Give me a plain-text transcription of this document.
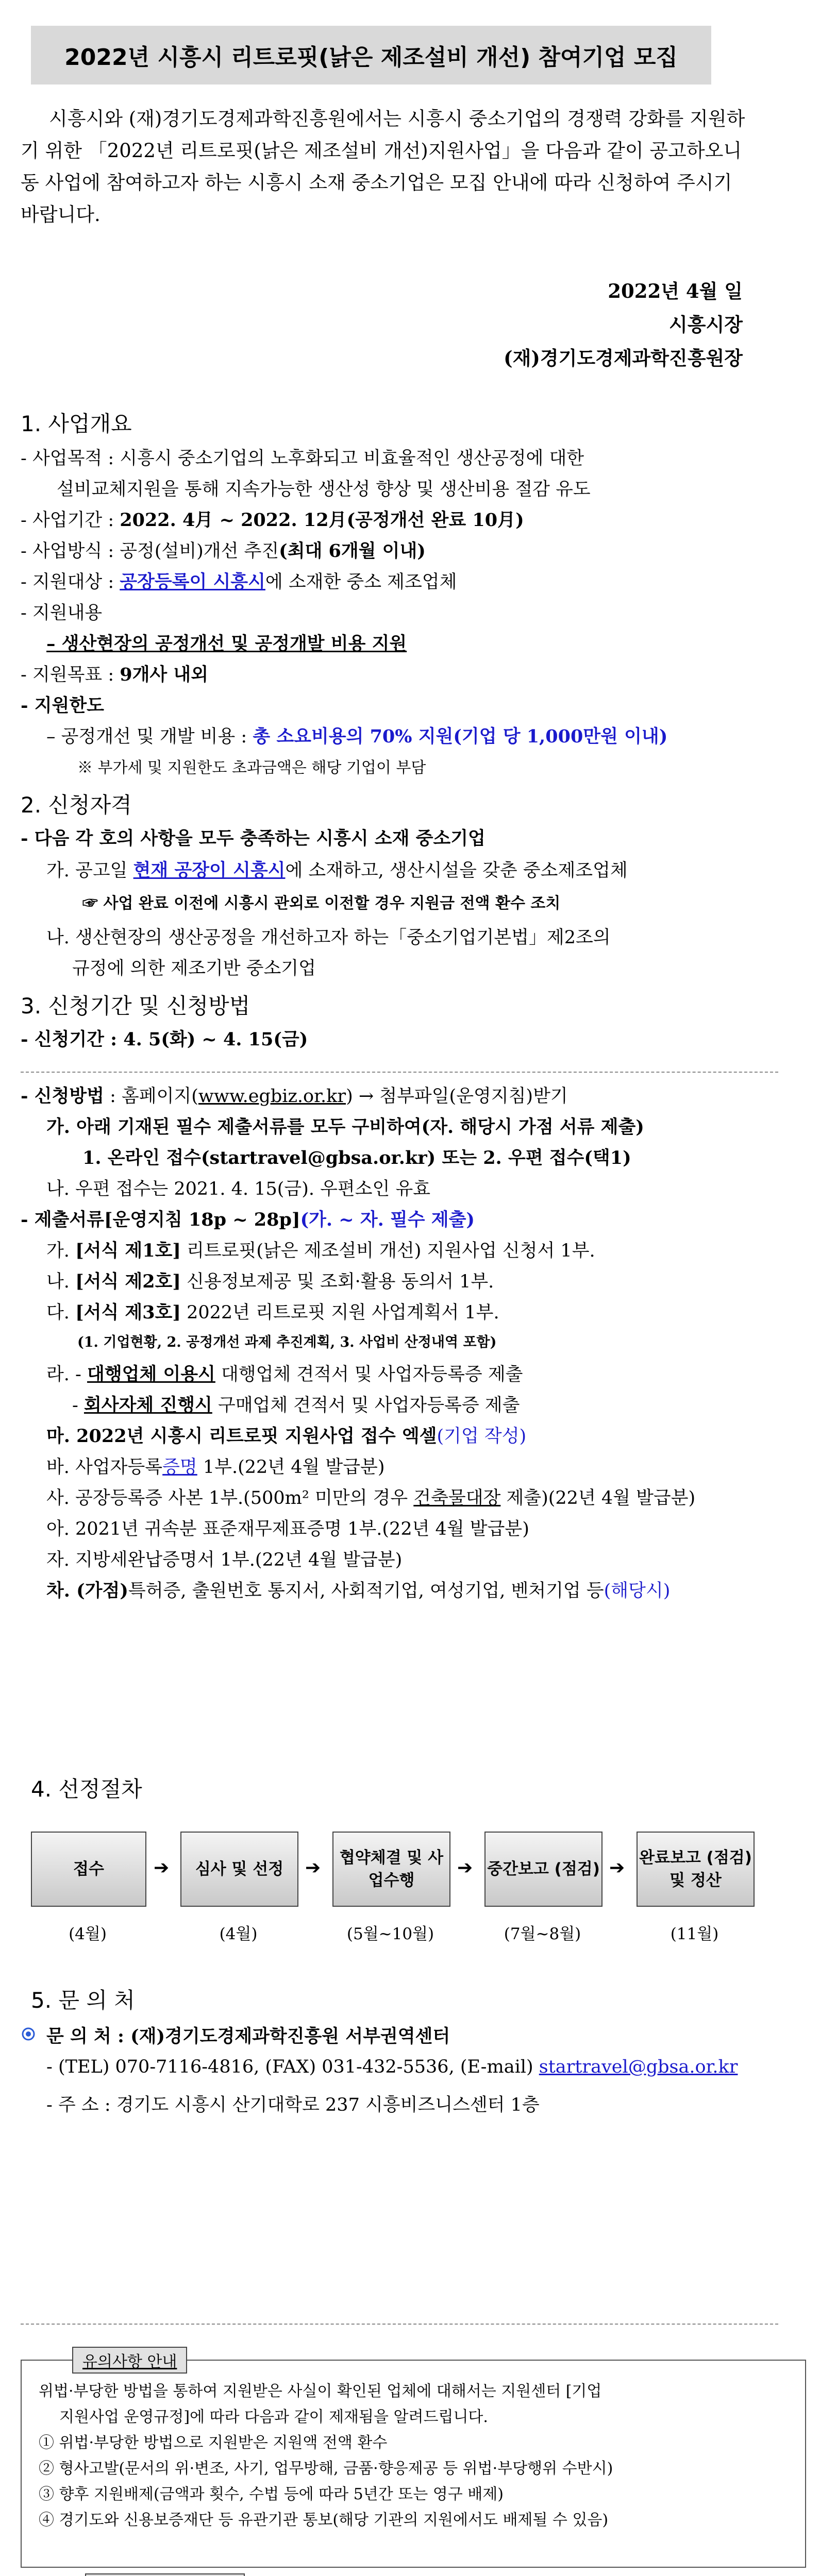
2022년 시흥시 리트로핏(낡은 제조설비 개선) 참여기업 모집
시흥시와 (재)경기도경제과학진흥원에서는 시흥시 중소기업의 경쟁력 강화를 지원하기 위한 「2022년 리트로핏(낡은 제조설비 개선)지원사업」을 다음과 같이 공고하오니 동 사업에 참여하고자 하는 시흥시 소재 중소기업은 모집 안내에 따라 신청하여 주시기 바랍니다.
2022년 4월 일
시흥시장
(재)경기도경제과학진흥원장
1. 사업개요
- 사업목적 : 시흥시 중소기업의 노후화되고 비효율적인 생산공정에 대한
설비교체지원을 통해 지속가능한 생산성 향상 및 생산비용 절감 유도
- 사업기간 : 2022. 4月 ~ 2022. 12月(공정개선 완료 10月)
- 사업방식 : 공정(설비)개선 추진(최대 6개월 이내)
- 지원대상 : 공장등록이 시흥시에 소재한 중소 제조업체
- 지원내용
– 생산현장의 공정개선 및 공정개발 비용 지원
- 지원목표 : 9개사 내외
- 지원한도
– 공정개선 및 개발 비용 : 총 소요비용의 70% 지원(기업 당 1,000만원 이내)
※ 부가세 및 지원한도 초과금액은 해당 기업이 부담
2. 신청자격
- 다음 각 호의 사항을 모두 충족하는 시흥시 소재 중소기업
가. 공고일 현재 공장이 시흥시에 소재하고, 생산시설을 갖춘 중소제조업체
☞ 사업 완료 이전에 시흥시 관외로 이전할 경우 지원금 전액 환수 조치
나. 생산현장의 생산공정을 개선하고자 하는「중소기업기본법」제2조의
규정에 의한 제조기반 중소기업
3. 신청기간 및 신청방법
- 신청기간 : 4. 5(화) ~ 4. 15(금)
- 신청방법 : 홈페이지(www.egbiz.or.kr) → 첨부파일(운영지침)받기
가. 아래 기재된 필수 제출서류를 모두 구비하여(자. 해당시 가점 서류 제출)
1. 온라인 접수(startravel@gbsa.or.kr) 또는 2. 우편 접수(택1)
나. 우편 접수는 2021. 4. 15(금). 우편소인 유효
- 제출서류[운영지침 18p ~ 28p](가. ~ 자. 필수 제출)
가. [서식 제1호] 리트로핏(낡은 제조설비 개선) 지원사업 신청서 1부.
나. [서식 제2호] 신용정보제공 및 조회·활용 동의서 1부.
다. [서식 제3호] 2022년 리트로핏 지원 사업계획서 1부.
(1. 기업현황, 2. 공정개선 과제 추진계획, 3. 사업비 산정내역 포함)
라. - 대행업체 이용시 대행업체 견적서 및 사업자등록증 제출
- 회사자체 진행시 구매업체 견적서 및 사업자등록증 제출
마. 2022년 시흥시 리트로핏 지원사업 접수 엑셀(기업 작성)
바. 사업자등록증명 1부.(22년 4월 발급분)
사. 공장등록증 사본 1부.(500m² 미만의 경우 건축물대장 제출)(22년 4월 발급분)
아. 2021년 귀속분 표준재무제표증명 1부.(22년 4월 발급분)
자. 지방세완납증명서 1부.(22년 4월 발급분)
차. (가점)특허증, 출원번호 통지서, 사회적기업, 여성기업, 벤처기업 등(해당시)
4. 선정절차
접수	➔	심사 및 선정	➔	협약체결 및 사업수행
➔ 중간보고 (점검) ➔ 완료보고 (점검) 및 정산
(4월)	(4월)	(5월~10월)	(7월~8월)	(11월)
5. 문 의 처
문 의 처 : (재)경기도경제과학진흥원 서부권역센터
- (TEL) 070-7116-4816, (FAX) 031-432-5536, (E-mail) startravel@gbsa.or.kr
- 주 소 : 경기도 시흥시 산기대학로 237 시흥비즈니스센터 1층
유의사항 안내
위법·부당한 방법을 통하여 지원받은 사실이 확인된 업체에 대해서는 지원센터 [기업
지원사업 운영규정]에 따라 다음과 같이 제재됨을 알려드립니다.
① 위법·부당한 방법으로 지원받은 지원액 전액 환수
② 형사고발(문서의 위·변조, 사기, 업무방해, 금품·향응제공 등 위법·부당행위 수반시)
③ 향후 지원배제(금액과 횟수, 수법 등에 따라 5년간 또는 영구 배제)
④ 경기도와 신용보증재단 등 유관기관 통보(해당 기관의 지원에서도 배제될 수 있음)
